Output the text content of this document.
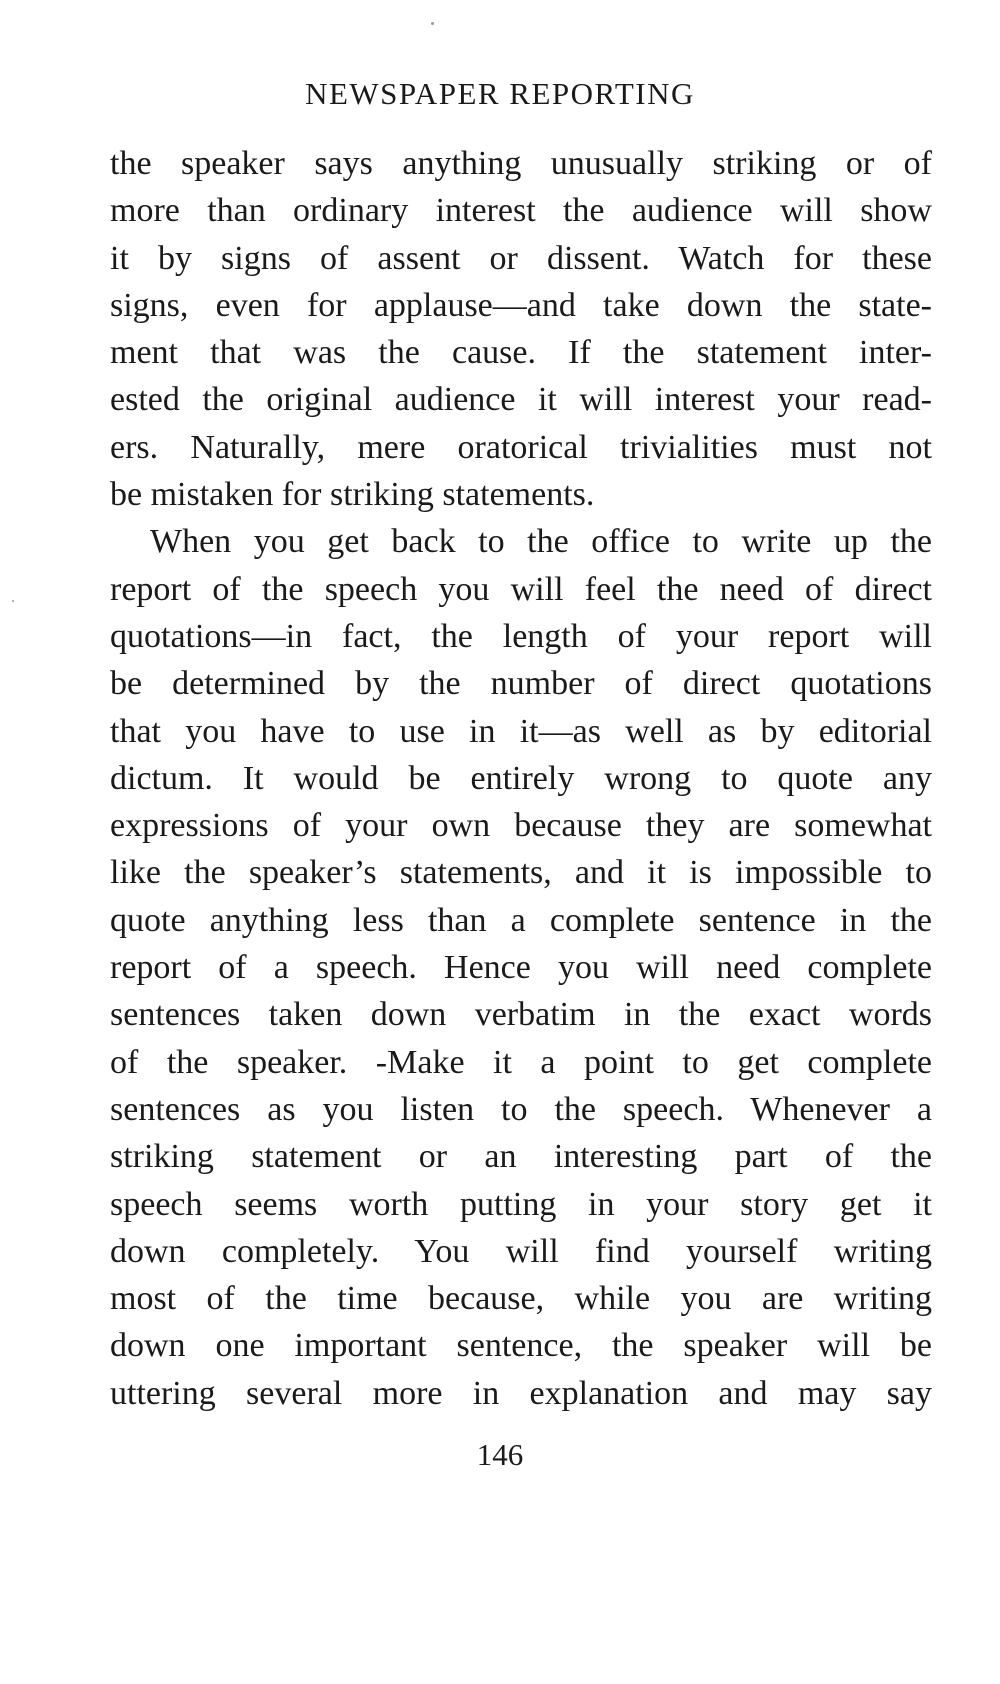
NEWSPAPER REPORTING
the speaker says anything unusually striking or of
more than ordinary interest the audience will show
it by signs of assent or dissent. Watch for these
signs, even for applause—and take down the state-
ment that was the cause. If the statement inter-
ested the original audience it will interest your read-
ers. Naturally, mere oratorical trivialities must not
be mistaken for striking statements.
When you get back to the office to write up the
report of the speech you will feel the need of direct
quotations—in fact, the length of your report will
be determined by the number of direct quotations
that you have to use in it—as well as by editorial
dictum. It would be entirely wrong to quote any
expressions of your own because they are somewhat
like the speaker’s statements, and it is impossible to
quote anything less than a complete sentence in the
report of a speech. Hence you will need complete
sentences taken down verbatim in the exact words
of the speaker. -Make it a point to get complete
sentences as you listen to the speech. Whenever a
striking statement or an interesting part of the
speech seems worth putting in your story get it
down completely. You will find yourself writing
most of the time because, while you are writing
down one important sentence, the speaker will be
uttering several more in explanation and may say
146
